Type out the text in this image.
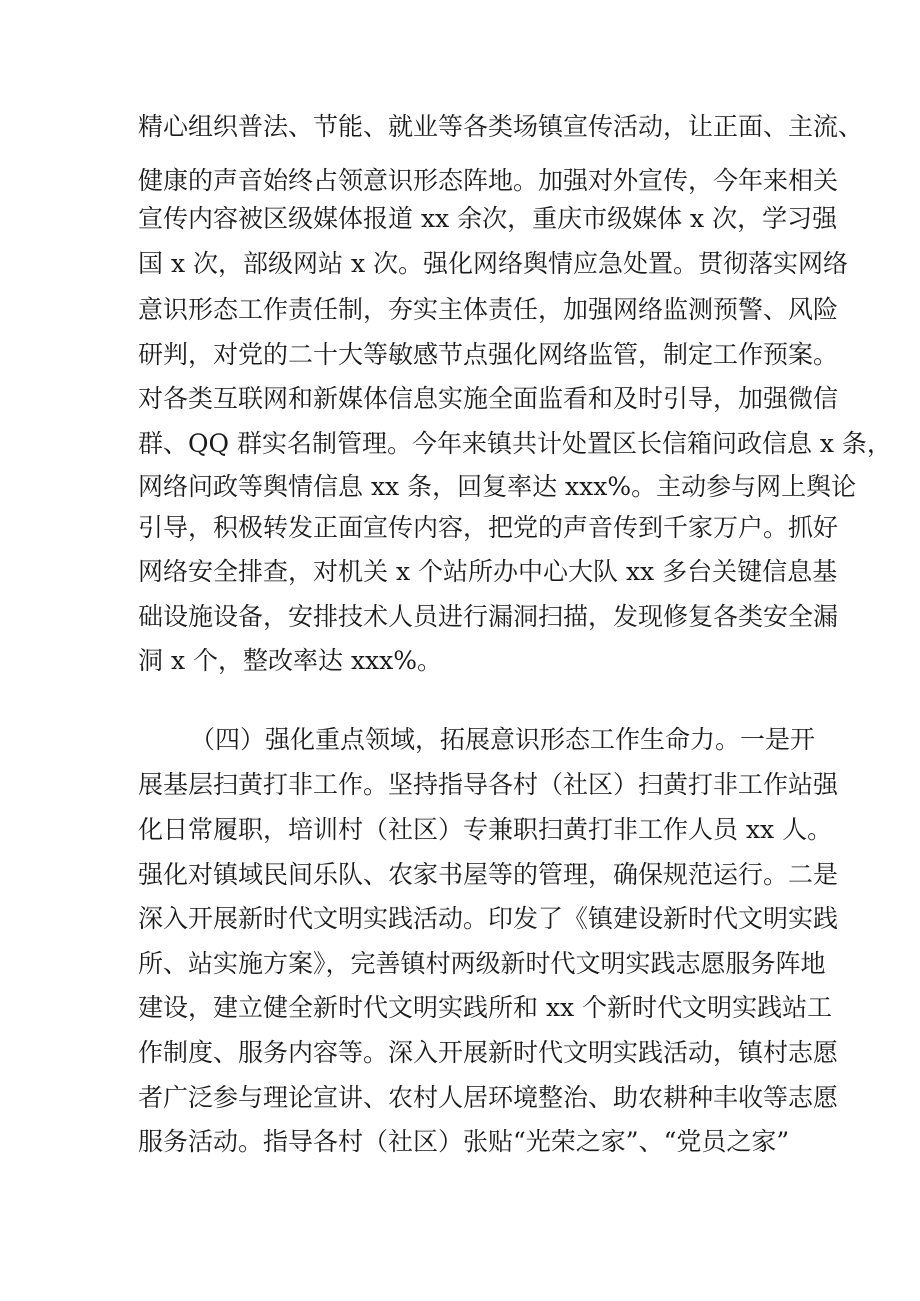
精心组织普法、节能、就业等各类场镇宣传活动，让正面、主流、
健康的声音始终占领意识形态阵地。加强对外宣传，今年来相关
宣传内容被区级媒体报道 xx 余次，重庆市级媒体 x 次，学习强
国 x 次，部级网站 x 次。强化网络舆情应急处置。贯彻落实网络
意识形态工作责任制，夯实主体责任，加强网络监测预警、风险
研判，对党的二十大等敏感节点强化网络监管，制定工作预案。
对各类互联网和新媒体信息实施全面监看和及时引导，加强微信
群、QQ 群实名制管理。今年来镇共计处置区长信箱问政信息 x 条，
网络问政等舆情信息 xx 条，回复率达 xxx%。主动参与网上舆论
引导，积极转发正面宣传内容，把党的声音传到千家万户。抓好
网络安全排查，对机关 x 个站所办中心大队 xx 多台关键信息基
础设施设备，安排技术人员进行漏洞扫描，发现修复各类安全漏
洞 x 个，整改率达 xxx%。
（四）强化重点领域，拓展意识形态工作生命力。一是开
展基层扫黄打非工作。坚持指导各村（社区）扫黄打非工作站强
化日常履职，培训村（社区）专兼职扫黄打非工作人员 xx 人。
强化对镇域民间乐队、农家书屋等的管理，确保规范运行。二是
深入开展新时代文明实践活动。印发了《镇建设新时代文明实践
所、站实施方案》，完善镇村两级新时代文明实践志愿服务阵地
建设，建立健全新时代文明实践所和 xx 个新时代文明实践站工
作制度、服务内容等。深入开展新时代文明实践活动，镇村志愿
者广泛参与理论宣讲、农村人居环境整治、助农耕种丰收等志愿
服务活动。指导各村（社区）张贴“光荣之家”、“党员之家”
